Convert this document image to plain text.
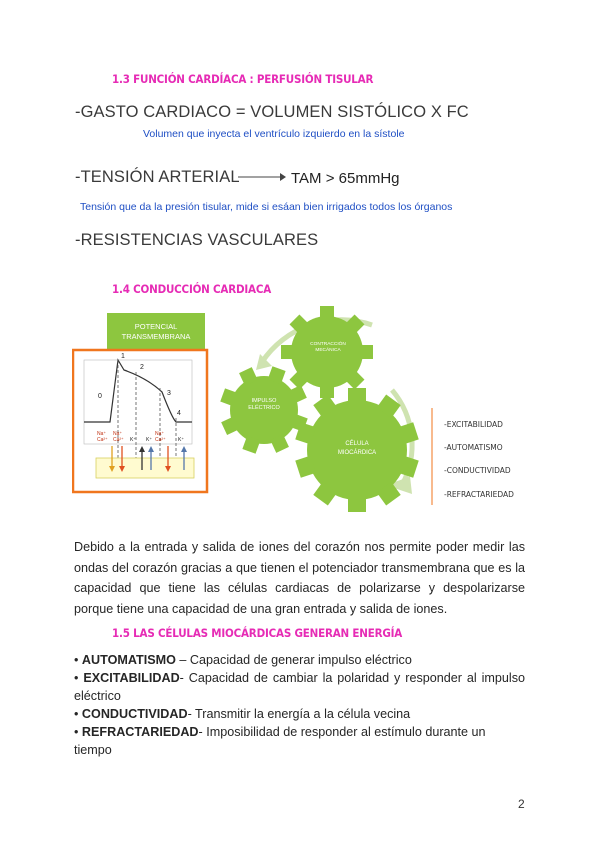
1.3 FUNCIÓN CARDÍACA : PERFUSIÓN TISULAR
-GASTO CARDIACO = VOLUMEN SISTÓLICO X FC
Volumen que inyecta el ventrículo izquierdo en la sístole
-TENSIÓN ARTERIAL	TAM > 65mmHg
Tensión que da la presión tisular, mide si esáan bien irrigados todos los órganos
-RESISTENCIAS VASCULARES
1.4 CONDUCCIÓN CARDIACA
POTENCIAL TRANSMEMBRANA
0
1
2
3
4
Na⁺ Ca²⁺
Na⁺ Ca²⁺	K⁺ K⁺
Na⁺ Ca²⁺ K⁺
CONTRACCIÓN MECÁNICA
IMPULSO ELÉCTRICO
CÉLULA MIOCÁRDICA
-EXCITABILIDAD
-AUTOMATISMO
-CONDUCTIVIDAD
-REFRACTARIEDAD
Debido a la entrada y salida de iones del corazón nos permite poder medir las ondas del corazón gracias a que tienen el potenciador transmembrana que es la capacidad que tiene las células cardiacas de polarizarse y despolarizarse porque tiene una capacidad de una gran entrada y salida de iones.
1.5 LAS CÉLULAS MIOCÁRDICAS GENERAN ENERGÍA
• AUTOMATISMO – Capacidad de generar impulso eléctrico
• EXCITABILIDAD- Capacidad de cambiar la polaridad y responder al impulso eléctrico
• CONDUCTIVIDAD- Transmitir la energía a la célula vecina
• REFRACTARIEDAD- Imposibilidad de responder al estímulo durante un tiempo
2
